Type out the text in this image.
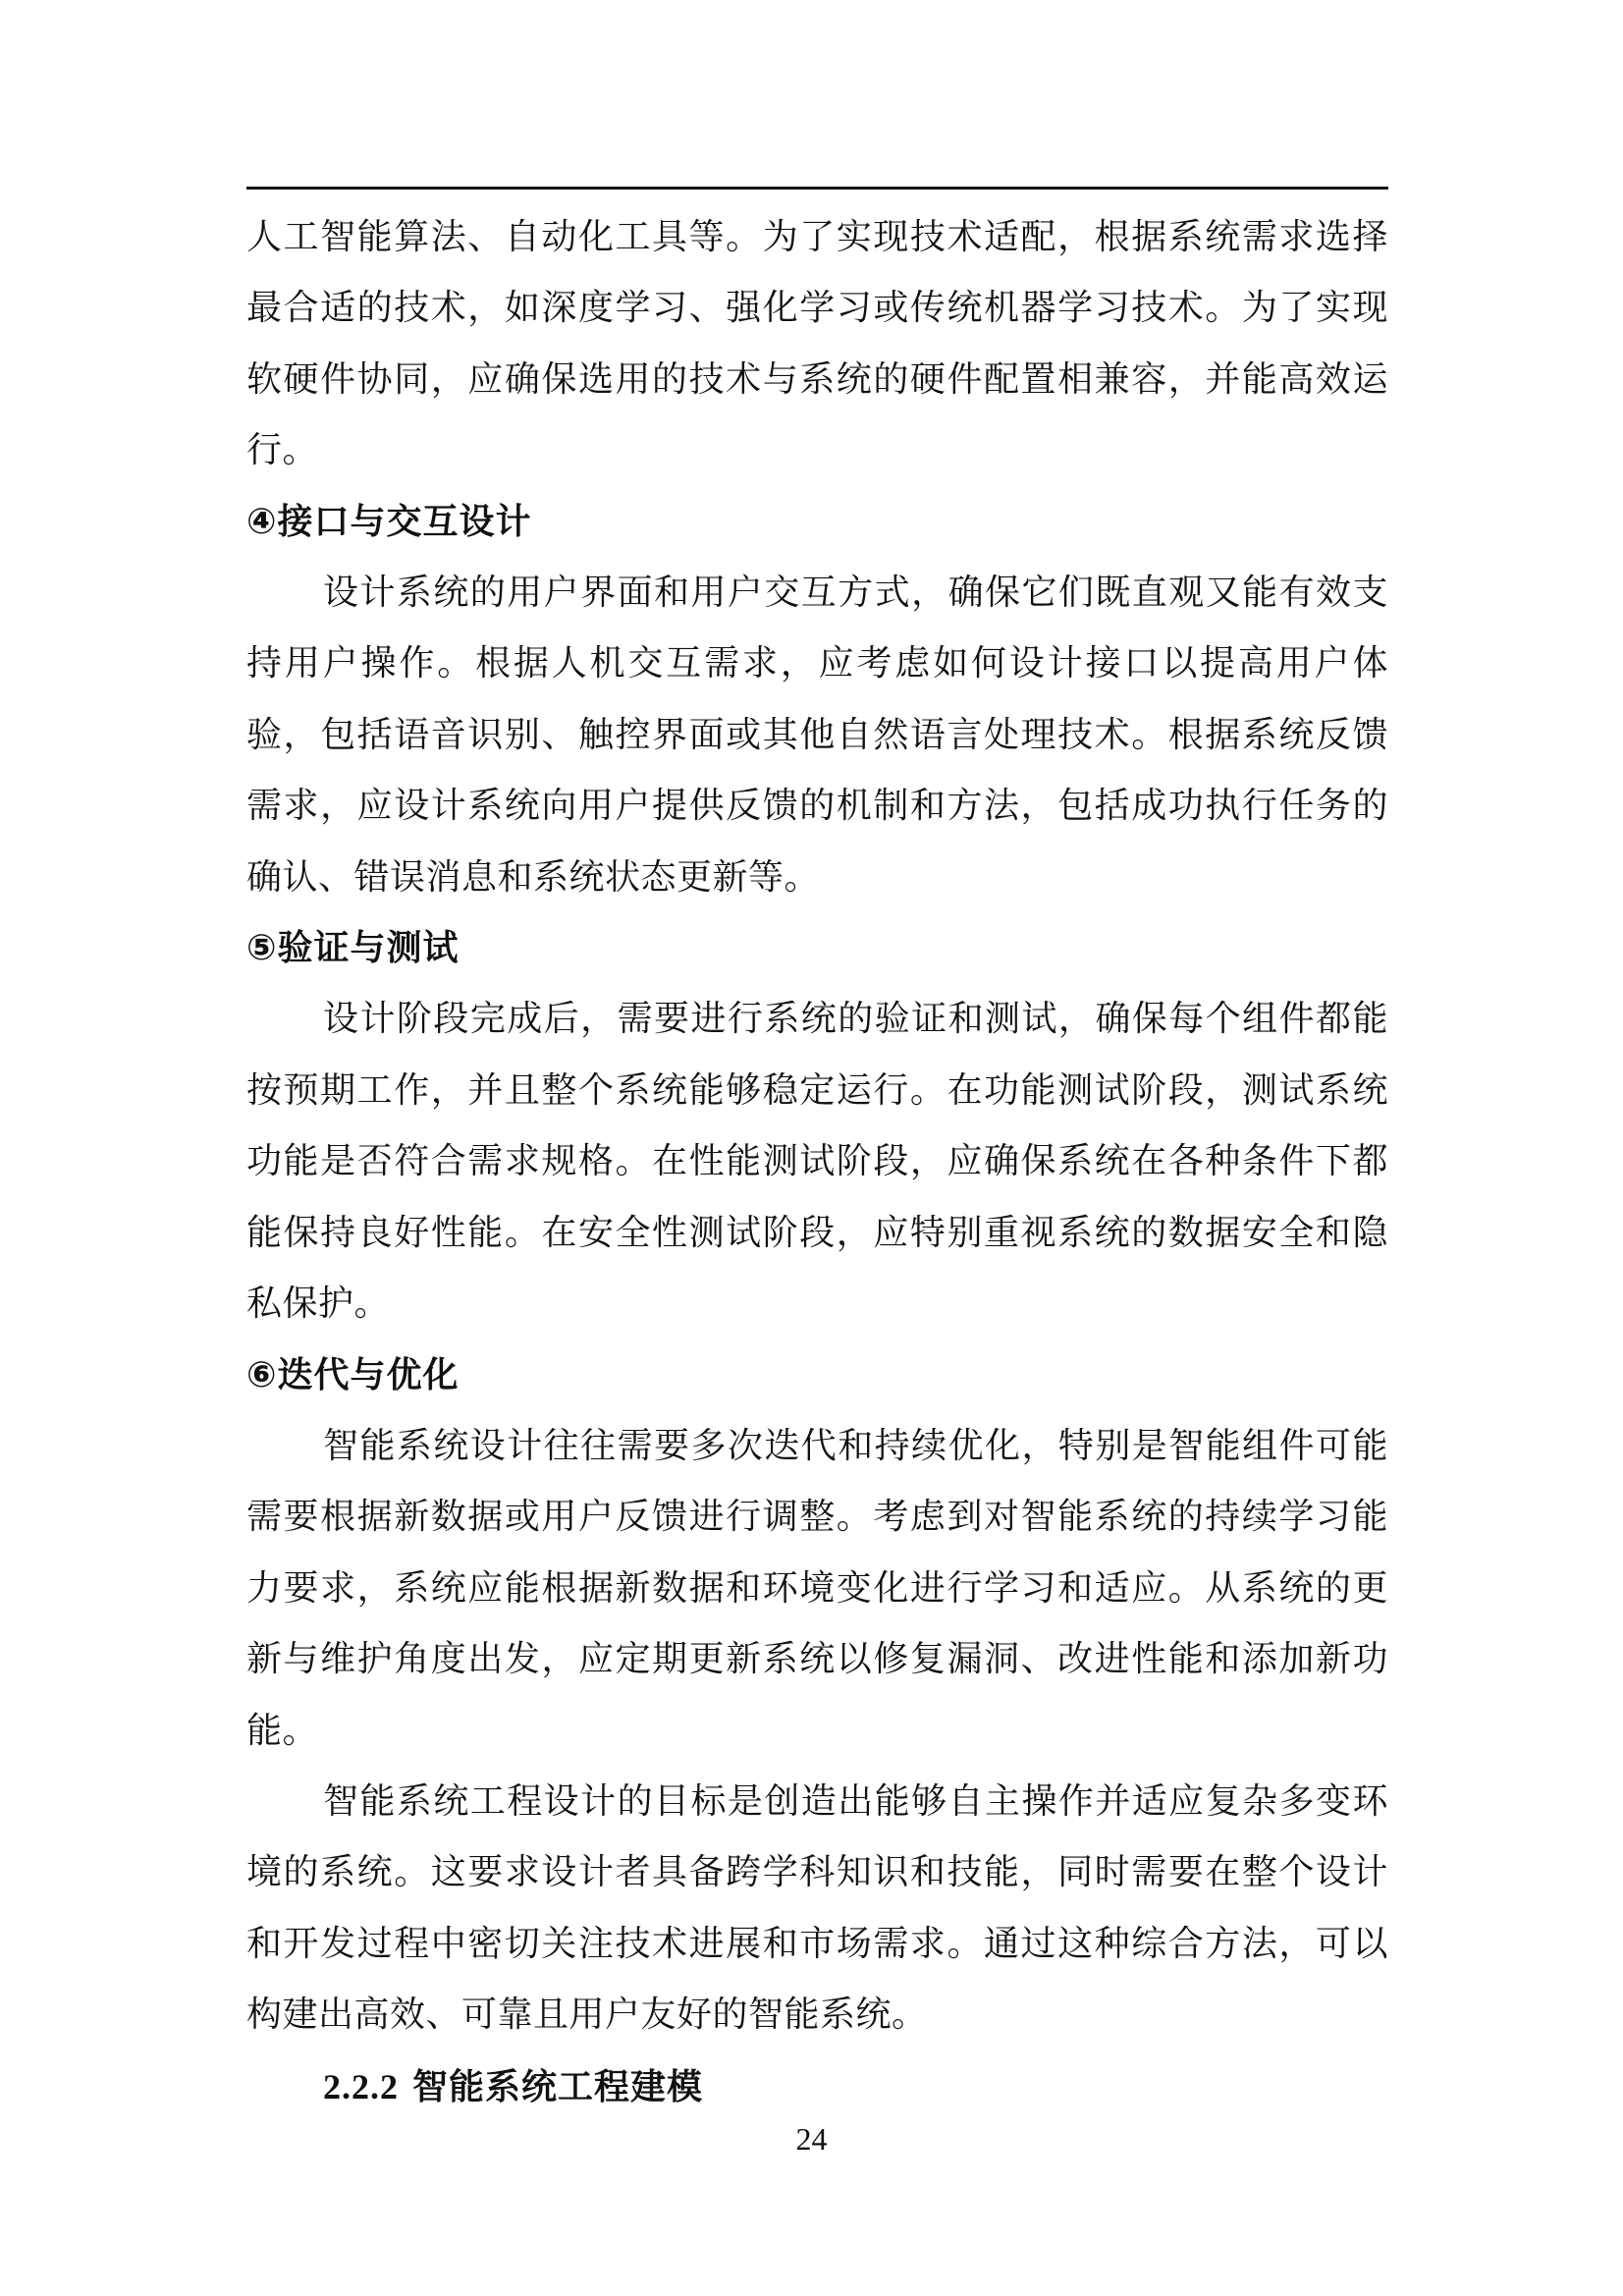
人工智能算法、自动化工具等。为了实现技术适配，根据系统需求选择最合适的技术，如深度学习、强化学习或传统机器学习技术。为了实现软硬件协同，应确保选用的技术与系统的硬件配置相兼容，并能高效运行。

④接口与交互设计

设计系统的用户界面和用户交互方式，确保它们既直观又能有效支持用户操作。根据人机交互需求，应考虑如何设计接口以提高用户体验，包括语音识别、触控界面或其他自然语言处理技术。根据系统反馈需求，应设计系统向用户提供反馈的机制和方法，包括成功执行任务的确认、错误消息和系统状态更新等。

⑤验证与测试

设计阶段完成后，需要进行系统的验证和测试，确保每个组件都能按预期工作，并且整个系统能够稳定运行。在功能测试阶段，测试系统功能是否符合需求规格。在性能测试阶段，应确保系统在各种条件下都能保持良好性能。在安全性测试阶段，应特别重视系统的数据安全和隐私保护。

⑥迭代与优化

智能系统设计往往需要多次迭代和持续优化，特别是智能组件可能需要根据新数据或用户反馈进行调整。考虑到对智能系统的持续学习能力要求，系统应能根据新数据和环境变化进行学习和适应。从系统的更新与维护角度出发，应定期更新系统以修复漏洞、改进性能和添加新功能。

智能系统工程设计的目标是创造出能够自主操作并适应复杂多变环境的系统。这要求设计者具备跨学科知识和技能，同时需要在整个设计和开发过程中密切关注技术进展和市场需求。通过这种综合方法，可以构建出高效、可靠且用户友好的智能系统。

2.2.2 智能系统工程建模

24
